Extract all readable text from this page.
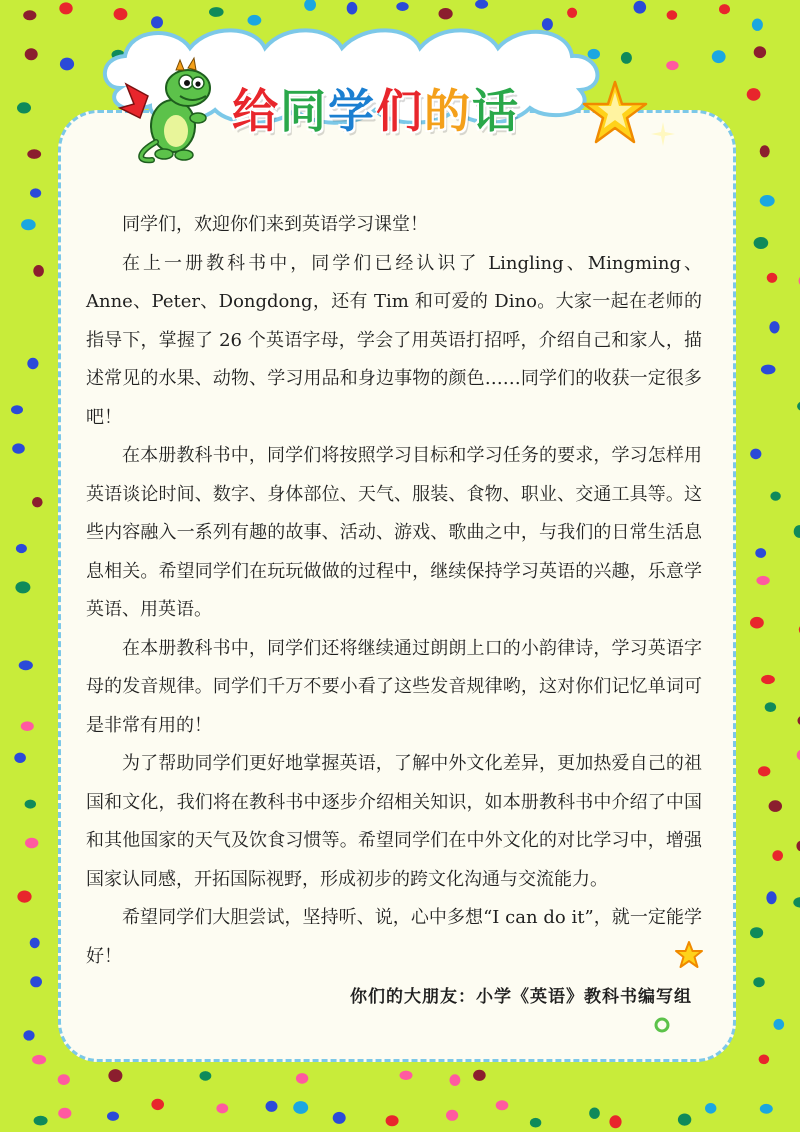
给同学们的话

同学们，欢迎你们来到英语学习课堂！

在上一册教科书中，同学们已经认识了 Lingling、Mingming、Anne、Peter、Dongdong，还有 Tim 和可爱的 Dino。大家一起在老师的指导下，掌握了 26 个英语字母，学会了用英语打招呼，介绍自己和家人，描述常见的水果、动物、学习用品和身边事物的颜色……同学们的收获一定很多吧！

在本册教科书中，同学们将按照学习目标和学习任务的要求，学习怎样用英语谈论时间、数字、身体部位、天气、服装、食物、职业、交通工具等。这些内容融入一系列有趣的故事、活动、游戏、歌曲之中，与我们的日常生活息息相关。希望同学们在玩玩做做的过程中，继续保持学习英语的兴趣，乐意学英语、用英语。

在本册教科书中，同学们还将继续通过朗朗上口的小韵律诗，学习英语字母的发音规律。同学们千万不要小看了这些发音规律哟，这对你们记忆单词可是非常有用的！

为了帮助同学们更好地掌握英语，了解中外文化差异，更加热爱自己的祖国和文化，我们将在教科书中逐步介绍相关知识，如本册教科书中介绍了中国和其他国家的天气及饮食习惯等。希望同学们在中外文化的对比学习中，增强国家认同感，开拓国际视野，形成初步的跨文化沟通与交流能力。

希望同学们大胆尝试，坚持听、说，心中多想“I can do it”，就一定能学好！

你们的大朋友：小学《英语》教科书编写组
